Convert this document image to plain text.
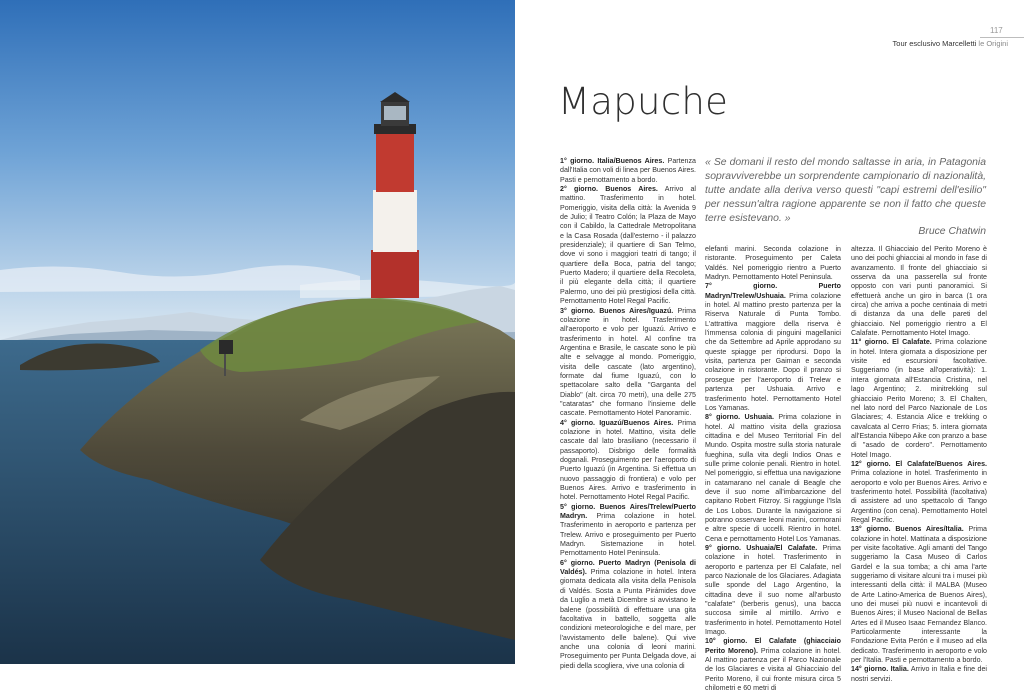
117
Tour esclusivo Marcelletti le Origini
Mapuche
« Se domani il resto del mondo saltasse in aria, in Patagonia sopravviverebbe un sorprendente campionario di nazionalità, tutte andate alla deriva verso questi "capi estremi dell'esilio" per nessun'altra ragione apparente se non il fatto che queste terre esistevano. »
Bruce Chatwin

1° giorno. Italia/Buenos Aires. Partenza dall'Italia con voli di linea per Buenos Aires. Pasti e pernottamento a bordo.

2° giorno. Buenos Aires. Arrivo al mattino. Trasferimento in hotel. Pomeriggio, visita della città: la Avenida 9 de Julio; il Teatro Colón; la Plaza de Mayo con il Cabildo, la Cattedrale Metropolitana e la Casa Rosada (dall'esterno - il palazzo presidenziale); il quartiere di San Telmo, dove vi sono i maggiori teatri di tango; il quartiere della Boca, patria del tango; Puerto Madero; il quartiere della Recoleta, il più elegante della città; il quartiere Palermo, uno dei più prestigiosi della città. Pernottamento Hotel Regal Pacific.

3° giorno. Buenos Aires/Iguazú. Prima colazione in hotel. Trasferimento all'aeroporto e volo per Iguazú. Arrivo e trasferimento in hotel. Al confine tra Argentina e Brasile, le cascate sono le più alte e selvagge al mondo. Pomeriggio, visita delle cascate (lato argentino), formate dal fiume Iguazú, con lo spettacolare salto della "Garganta del Diablo" (alt. circa 70 metri), una delle 275 "cataratas" che formano l'insieme delle cascate. Pernottamento Hotel Panoramic.

4° giorno. Iguazú/Buenos Aires. Prima colazione in hotel. Mattino, visita delle cascate dal lato brasiliano (necessario il passaporto). Disbrigo delle formalità doganali. Proseguimento per l'aeroporto di Puerto Iguazú (in Argentina. Si effettua un nuovo passaggio di frontiera) e volo per Buenos Aires. Arrivo e trasferimento in hotel. Pernottamento Hotel Regal Pacific.

5° giorno. Buenos Aires/Trelew/Puerto Madryn. Prima colazione in hotel. Trasferimento in aeroporto e partenza per Trelew. Arrivo e proseguimento per Puerto Madryn. Sistemazione in hotel. Pernottamento Hotel Peninsula.

6° giorno. Puerto Madryn (Penisola di Valdés). Prima colazione in hotel. Intera giornata dedicata alla visita della Penisola di Valdés. Sosta a Punta Pirámides dove da Luglio a metà Dicembre si avvistano le balene (possibilità di effettuare una gita facoltativa in battello, soggetta alle condizioni meteorologiche e del mare, per l'avvistamento delle balene). Qui vive anche una colonia di leoni marini. Proseguimento per Punta Delgada dove, ai piedi della scogliera, vive una colonia di

elefanti marini. Seconda colazione in ristorante. Proseguimento per Caleta Valdés. Nel pomeriggio rientro a Puerto Madryn. Pernottamento Hotel Peninsula.

7° giorno. Puerto Madryn/Trelew/Ushuaia. Prima colazione in hotel. Al mattino presto partenza per la Riserva Naturale di Punta Tombo. L'attrattiva maggiore della riserva è l'immensa colonia di pinguini magellanici che da Settembre ad Aprile approdano su queste spiagge per riprodursi. Dopo la visita, partenza per Gaiman e seconda colazione in ristorante. Dopo il pranzo si prosegue per l'aeroporto di Trelew e partenza per Ushuaia. Arrivo e trasferimento hotel. Pernottamento Hotel Los Yamanas.

8° giorno. Ushuaia. Prima colazione in hotel. Al mattino visita della graziosa cittadina e del Museo Territorial Fin del Mundo. Ospita mostre sulla storia naturale fueghina, sulla vita degli Indios Onas e sulle prime colonie penali. Rientro in hotel. Nel pomeriggio, si effettua una navigazione in catamarano nel canale di Beagle che deve il suo nome all'imbarcazione del capitano Robert Fitzroy. Si raggiunge l'Isla de Los Lobos. Durante la navigazione si potranno osservare leoni marini, cormorani e altre specie di uccelli. Rientro in hotel. Cena e pernottamento Hotel Los Yamanas.

9° giorno. Ushuaia/El Calafate. Prima colazione in hotel. Trasferimento in aeroporto e partenza per El Calafate, nel parco Nazionale de los Glaciares. Adagiata sulle sponde del Lago Argentino, la cittadina deve il suo nome all'arbusto "calafate" (berberis genus), una bacca succosa simile al mirtillo. Arrivo e trasferimento in hotel. Pernottamento Hotel Imago.

10° giorno. El Calafate (ghiacciaio Perito Moreno). Prima colazione in hotel. Al mattino partenza per il Parco Nazionale de los Glaciares e visita al Ghiacciaio del Perito Moreno, il cui fronte misura circa 5 chilometri e 60 metri di

altezza. Il Ghiacciaio del Perito Moreno è uno dei pochi ghiacciai al mondo in fase di avanzamento. Il fronte del ghiacciaio si osserva da una passerella sul fronte opposto con vari punti panoramici. Si effettuerà anche un giro in barca (1 ora circa) che arriva a poche centinaia di metri di distanza da una delle pareti del ghiacciaio. Nel pomeriggio rientro a El Calafate. Pernottamento Hotel Imago.

11° giorno. El Calafate. Prima colazione in hotel. Intera giornata a disposizione per visite ed escursioni facoltative. Suggeriamo (in base all'operatività): 1. intera giornata all'Estancia Cristina, nel lago Argentino; 2. minitrekking sul ghiacciaio Perito Moreno; 3. El Chalten, nel lato nord del Parco Nazionale de Los Glaciares; 4. Estancia Alice e trekking o cavalcata al Cerro Frias; 5. intera giornata all'Estancia Nibepo Aike con pranzo a base di "asado de cordero". Pernottamento Hotel Imago.

12° giorno. El Calafate/Buenos Aires. Prima colazione in hotel. Trasferimento in aeroporto e volo per Buenos Aires. Arrivo e trasferimento hotel. Possibilità (facoltativa) di assistere ad uno spettacolo di Tango Argentino (con cena). Pernottamento Hotel Regal Pacific.

13° giorno. Buenos Aires/Italia. Prima colazione in hotel. Mattinata a disposizione per visite facoltative. Agli amanti del Tango suggeriamo la Casa Museo di Carlos Gardel e la sua tomba; a chi ama l'arte suggeriamo di visitare alcuni tra i musei più interessanti della città: il MALBA (Museo de Arte Latino-America de Buenos Aires), uno dei musei più nuovi e incantevoli di Buenos Aires; il Museo Nacional de Bellas Artes ed il Museo Isaac Fernandez Blanco. Particolarmente interessante la Fondazione Evita Perón e il museo ad ella dedicato. Trasferimento in aeroporto e volo per l'Italia. Pasti e pernottamento a bordo.

14° giorno. Italia. Arrivo in Italia e fine dei nostri servizi.
